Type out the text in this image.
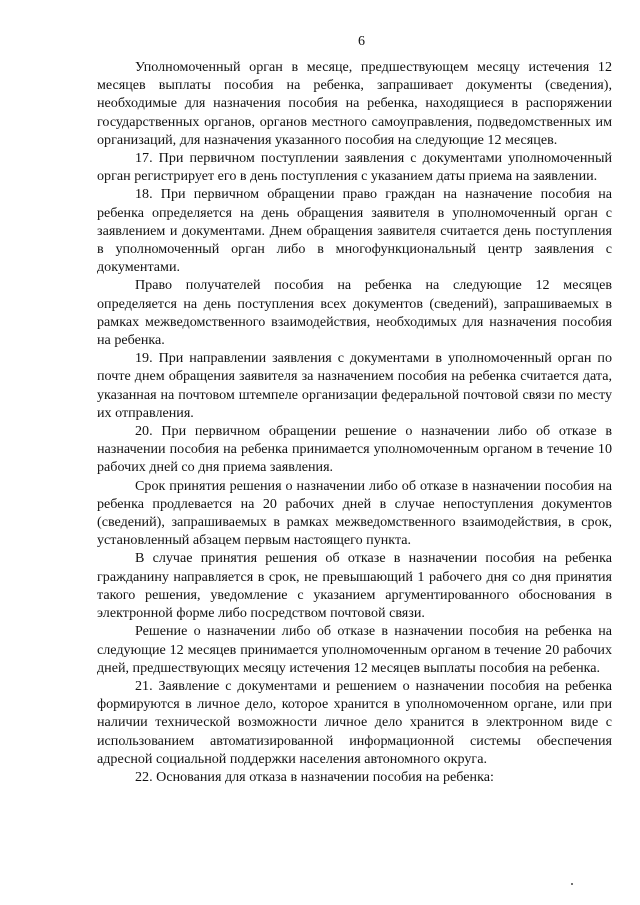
6

Уполномоченный орган в месяце, предшествующем месяцу истечения 12 месяцев выплаты пособия на ребенка, запрашивает документы (сведения), необходимые для назначения пособия на ребенка, находящиеся в распоряжении государственных органов, органов местного самоуправления, подведомственных им организаций, для назначения указанного пособия на следующие 12 месяцев.

17. При первичном поступлении заявления с документами уполномоченный орган регистрирует его в день поступления с указанием даты приема на заявлении.

18. При первичном обращении право граждан на назначение пособия на ребенка определяется на день обращения заявителя в уполномоченный орган с заявлением и документами. Днем обращения заявителя считается день поступления в уполномоченный орган либо в многофункциональный центр заявления с документами.

Право получателей пособия на ребенка на следующие 12 месяцев определяется на день поступления всех документов (сведений), запрашиваемых в рамках межведомственного взаимодействия, необходимых для назначения пособия на ребенка.

19. При направлении заявления с документами в уполномоченный орган по почте днем обращения заявителя за назначением пособия на ребенка считается дата, указанная на почтовом штемпеле организации федеральной почтовой связи по месту их отправления.

20. При первичном обращении решение о назначении либо об отказе в назначении пособия на ребенка принимается уполномоченным органом в течение 10 рабочих дней со дня приема заявления.

Срок принятия решения о назначении либо об отказе в назначении пособия на ребенка продлевается на 20 рабочих дней в случае непоступления документов (сведений), запрашиваемых в рамках межведомственного взаимодействия, в срок, установленный абзацем первым настоящего пункта.

В случае принятия решения об отказе в назначении пособия на ребенка гражданину направляется в срок, не превышающий 1 рабочего дня со дня принятия такого решения, уведомление с указанием аргументированного обоснования в электронной форме либо посредством почтовой связи.

Решение о назначении либо об отказе в назначении пособия на ребенка на следующие 12 месяцев принимается уполномоченным органом в течение 20 рабочих дней, предшествующих месяцу истечения 12 месяцев выплаты пособия на ребенка.

21. Заявление с документами и решением о назначении пособия на ребенка формируются в личное дело, которое хранится в уполномоченном органе, или при наличии технической возможности личное дело хранится в электронном виде с использованием автоматизированной информационной системы обеспечения адресной социальной поддержки населения автономного округа.

22. Основания для отказа в назначении пособия на ребенка:
